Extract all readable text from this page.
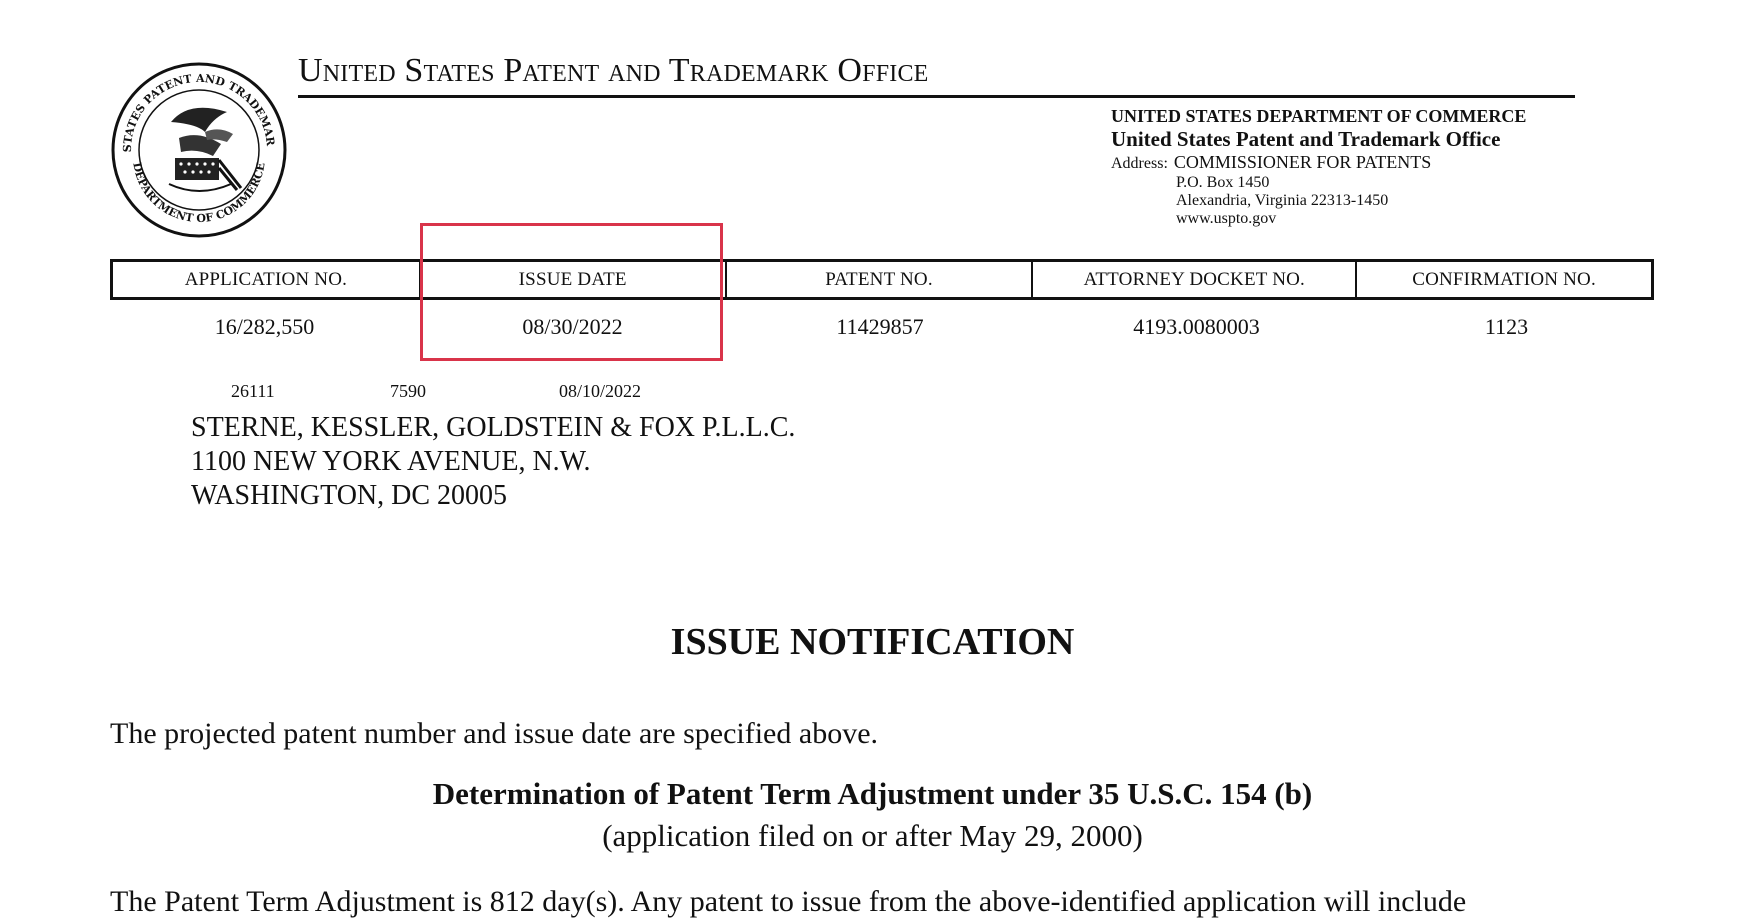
STATES PATENT AND TRADEMAR
DEPARTMENT OF COMMERCE
United States Patent and Trademark Office
UNITED STATES DEPARTMENT OF COMMERCE
United States Patent and Trademark Office
Address: COMMISSIONER FOR PATENTS
P.O. Box 1450
Alexandria, Virginia 22313-1450
www.uspto.gov
APPLICATION NO.	ISSUE DATE	PATENT NO.	ATTORNEY DOCKET NO.	CONFIRMATION NO.
16/282,550	08/30/2022	11429857	4193.0080003	1123
26111	7590	08/10/2022
STERNE, KESSLER, GOLDSTEIN & FOX P.L.L.C.
1100 NEW YORK AVENUE, N.W.
WASHINGTON, DC 20005
ISSUE NOTIFICATION
The projected patent number and issue date are specified above.
Determination of Patent Term Adjustment under 35 U.S.C. 154 (b)
(application filed on or after May 29, 2000)
The Patent Term Adjustment is 812 day(s). Any patent to issue from the above-identified application will include
